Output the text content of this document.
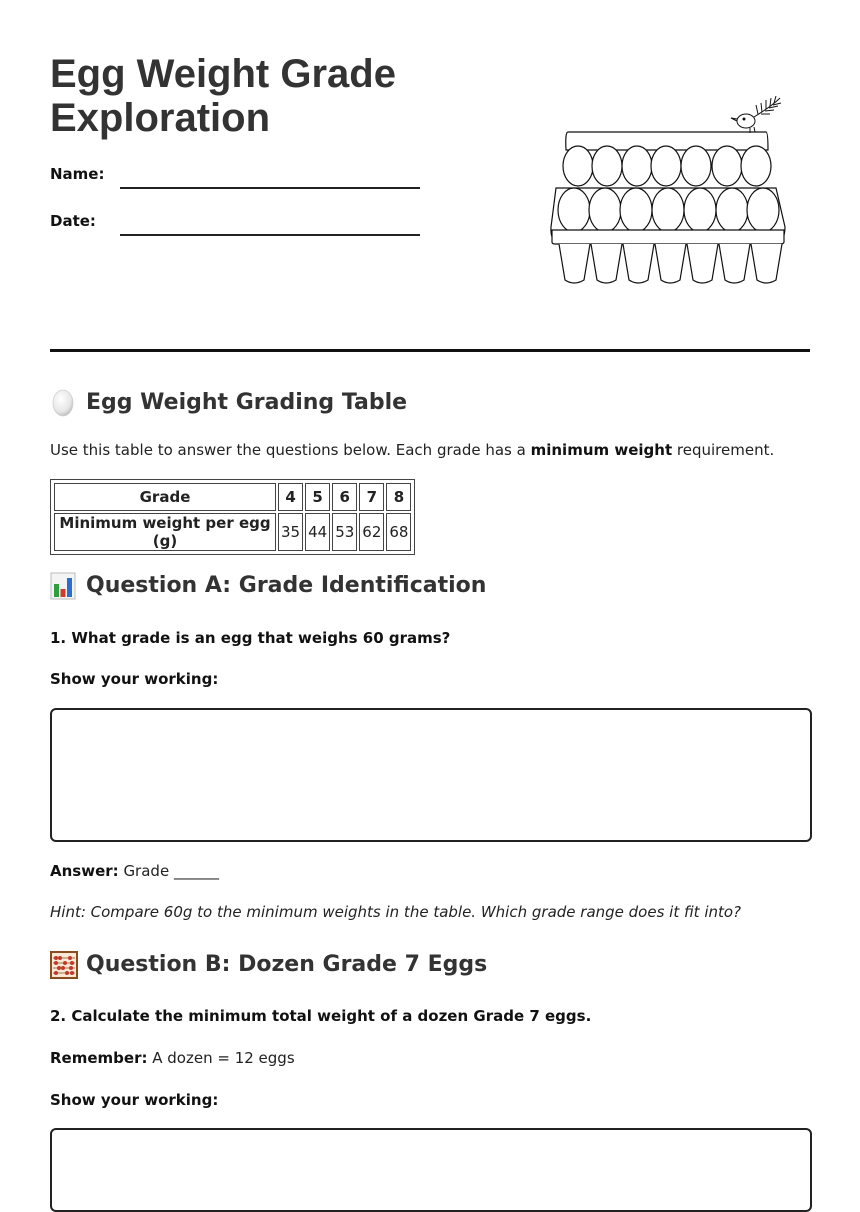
Egg Weight Grade Exploration
Name:
Date:
Egg Weight Grading Table
Use this table to answer the questions below. Each grade has a minimum weight requirement.
Grade	4	5	6	7	8
Minimum weight per egg (g)	35	44	53	62	68
Question A: Grade Identification
1. What grade is an egg that weighs 60 grams?
Show your working:
Answer: Grade ______
Hint: Compare 60g to the minimum weights in the table. Which grade range does it fit into?
Question B: Dozen Grade 7 Eggs
2. Calculate the minimum total weight of a dozen Grade 7 eggs.
Remember: A dozen = 12 eggs
Show your working:
